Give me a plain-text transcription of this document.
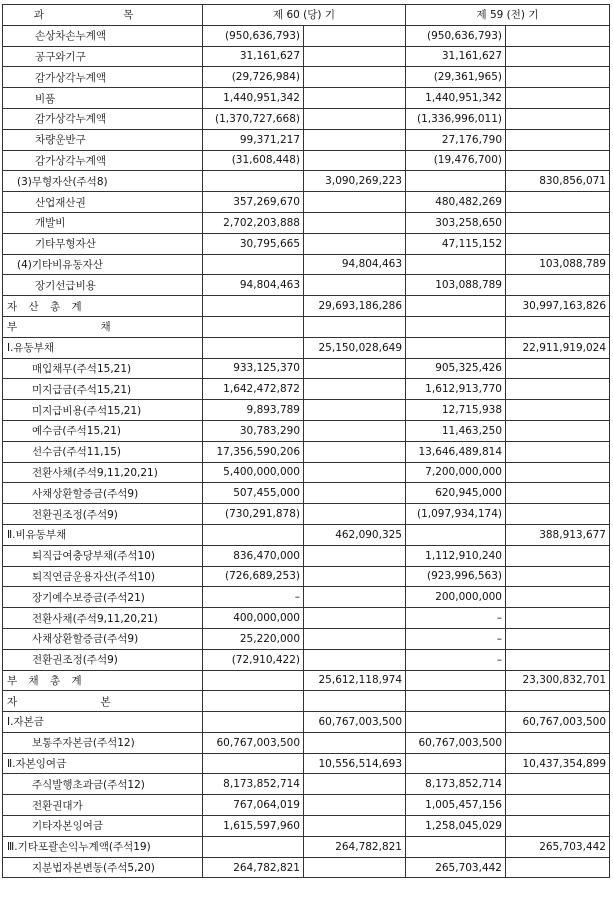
과 목	제 60 (당) 기		제 59 (전) 기	
손상차손누계액	(950,636,793)		(950,636,793)	
공구와기구	31,161,627		31,161,627	
감가상각누계액	(29,726,984)		(29,361,965)	
비품	1,440,951,342		1,440,951,342	
감가상각누계액	(1,370,727,668)		(1,336,996,011)	
차량운반구	99,371,217		27,176,790	
감가상각누계액	(31,608,448)		(19,476,700)	
(3)무형자산(주석8)		3,090,269,223		830,856,071
산업재산권	357,269,670		480,482,269	
개발비	2,702,203,888		303,258,650	
기타무형자산	30,795,665		47,115,152	
(4)기타비유동자산		94,804,463		103,088,789
장기선급비용	94,804,463		103,088,789	
자 산 총 계		29,693,186,286		30,997,163,826
부 채				
Ⅰ.유동부채		25,150,028,649		22,911,919,024
매입채무(주석15,21)	933,125,370		905,325,426	
미지급금(주석15,21)	1,642,472,872		1,612,913,770	
미지급비용(주석15,21)	9,893,789		12,715,938	
예수금(주석15,21)	30,783,290		11,463,250	
선수금(주석11,15)	17,356,590,206		13,646,489,814	
전환사채(주석9,11,20,21)	5,400,000,000		7,200,000,000	
사채상환할증금(주석9)	507,455,000		620,945,000	
전환권조정(주석9)	(730,291,878)		(1,097,934,174)	
Ⅱ.비유동부채		462,090,325		388,913,677
퇴직급여충당부채(주석10)	836,470,000		1,112,910,240	
퇴직연금운용자산(주석10)	(726,689,253)		(923,996,563)	
장기예수보증금(주석21)	–		200,000,000	
전환사채(주석9,11,20,21)	400,000,000		–	
사채상환할증금(주석9)	25,220,000		–	
전환권조정(주석9)	(72,910,422)		–	
부 채 총 계		25,612,118,974		23,300,832,701
자 본				
Ⅰ.자본금		60,767,003,500		60,767,003,500
보통주자본금(주석12)	60,767,003,500		60,767,003,500	
Ⅱ.자본잉여금		10,556,514,693		10,437,354,899
주식발행초과금(주석12)	8,173,852,714		8,173,852,714	
전환권대가	767,064,019		1,005,457,156	
기타자본잉여금	1,615,597,960		1,258,045,029	
Ⅲ.기타포괄손익누계액(주석19)		264,782,821		265,703,442
지분법자본변동(주석5,20)	264,782,821		265,703,442	
